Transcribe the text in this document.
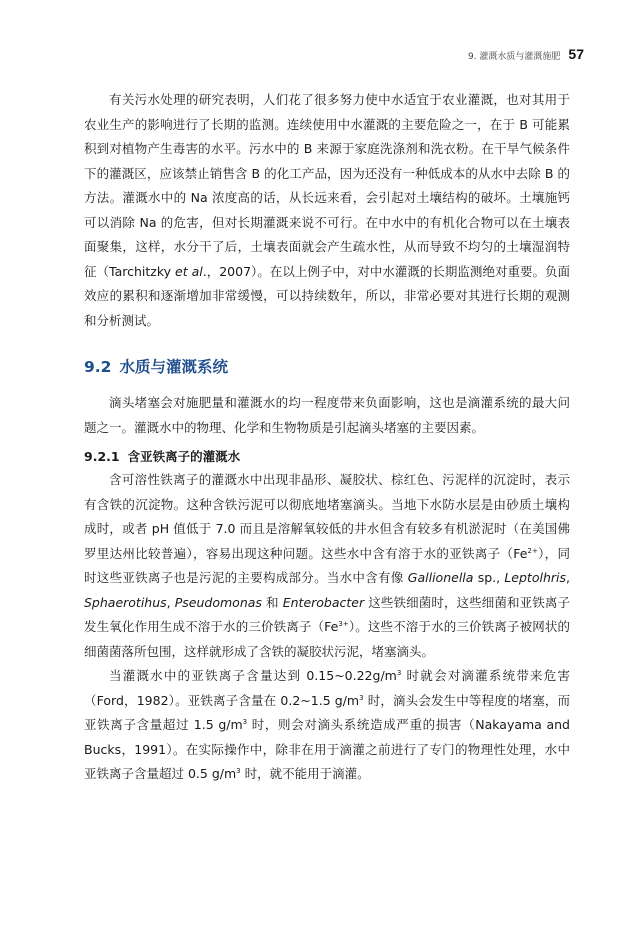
9. 灌溉水质与灌溉施肥 57

有关污水处理的研究表明，人们花了很多努力使中水适宜于农业灌溉，也对其用于农业生产的影响进行了长期的监测。连续使用中水灌溉的主要危险之一，在于 B 可能累积到对植物产生毒害的水平。污水中的 B 来源于家庭洗涤剂和洗衣粉。在干旱气候条件下的灌溉区，应该禁止销售含 B 的化工产品，因为还没有一种低成本的从水中去除 B 的方法。灌溉水中的 Na 浓度高的话，从长远来看，会引起对土壤结构的破坏。土壤施钙可以消除 Na 的危害，但对长期灌溉来说不可行。在中水中的有机化合物可以在土壤表面聚集，这样，水分干了后，土壤表面就会产生疏水性，从而导致不均匀的土壤湿润特征（Tarchitzky et al.，2007）。在以上例子中，对中水灌溉的长期监测绝对重要。负面效应的累积和逐渐增加非常缓慢，可以持续数年，所以，非常必要对其进行长期的观测和分析测试。

9.2 水质与灌溉系统

滴头堵塞会对施肥量和灌溉水的均一程度带来负面影响，这也是滴灌系统的最大问题之一。灌溉水中的物理、化学和生物物质是引起滴头堵塞的主要因素。

9.2.1 含亚铁离子的灌溉水

含可溶性铁离子的灌溉水中出现非晶形、凝胶状、棕红色、污泥样的沉淀时，表示有含铁的沉淀物。这种含铁污泥可以彻底地堵塞滴头。当地下水防水层是由砂质土壤构成时，或者 pH 值低于 7.0 而且是溶解氧较低的井水但含有较多有机淤泥时（在美国佛罗里达州比较普遍），容易出现这种问题。这些水中含有溶于水的亚铁离子$(Fe^{2+})$，同时这些亚铁离子也是污泥的主要构成部分。当水中含有像 Gallionella sp., Leptolhris, Sphaerotihus, Pseudomonas 和 Enterobacter 这些铁细菌时，这些细菌和亚铁离子发生氧化作用生成不溶于水的三价铁离子$(Fe^{3+})$。这些不溶于水的三价铁离子被网状的细菌菌落所包围，这样就形成了含铁的凝胶状污泥，堵塞滴头。

当灌溉水中的亚铁离子含量达到 $0.15\sim 0.22g/m^3$ 时就会对滴灌系统带来危害（Ford，1982）。亚铁离子含量在 0.2~1.5 $g/m^3$ 时，滴头会发生中等程度的堵塞，而亚铁离子含量超过 1.5 $g/m^3$ 时，则会对滴头系统造成严重的损害（Nakayama and Bucks，1991）。在实际操作中，除非在用于滴灌之前进行了专门的物理性处理，水中亚铁离子含量超过 0.5 $g/m^3$ 时，就不能用于滴灌。
